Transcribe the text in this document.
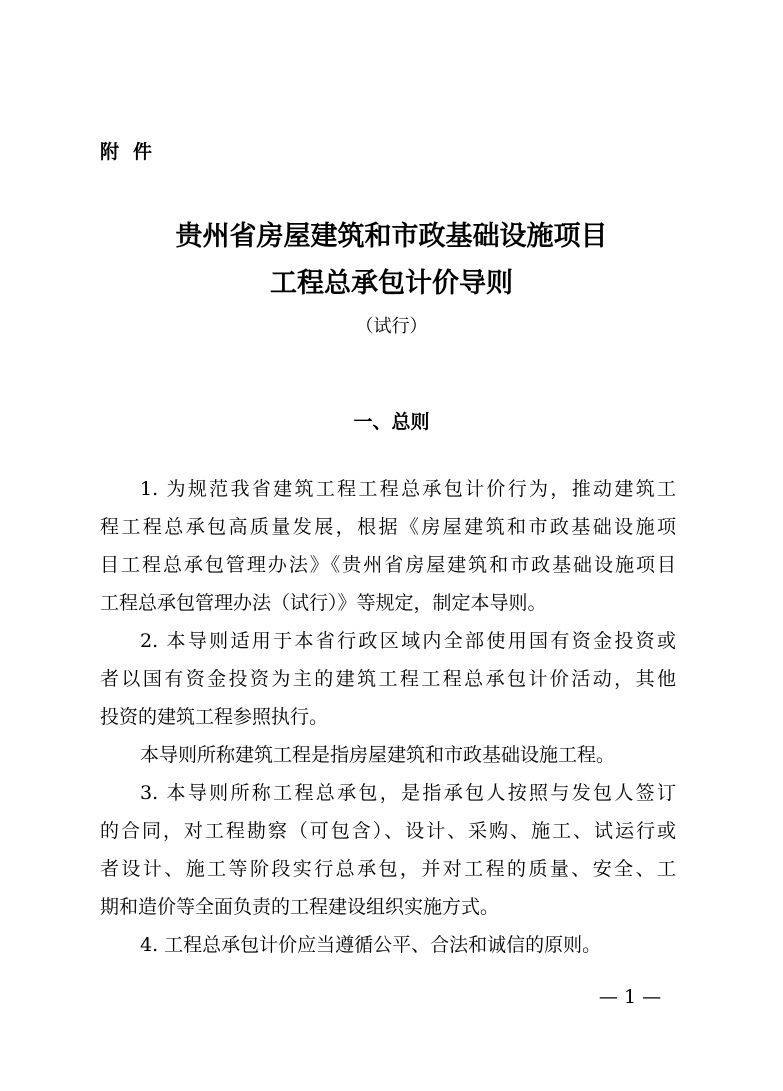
附件
贵州省房屋建筑和市政基础设施项目
工程总承包计价导则
（试行）
一、总则
1. 为规范我省建筑工程工程总承包计价行为，推动建筑工
程工程总承包高质量发展，根据《房屋建筑和市政基础设施项
目工程总承包管理办法》《贵州省房屋建筑和市政基础设施项目
工程总承包管理办法（试行）》等规定，制定本导则。
2. 本导则适用于本省行政区域内全部使用国有资金投资或
者以国有资金投资为主的建筑工程工程总承包计价活动，其他
投资的建筑工程参照执行。
本导则所称建筑工程是指房屋建筑和市政基础设施工程。
3. 本导则所称工程总承包，是指承包人按照与发包人签订
的合同，对工程勘察（可包含）、设计、采购、施工、试运行或
者设计、施工等阶段实行总承包，并对工程的质量、安全、工
期和造价等全面负责的工程建设组织实施方式。
4. 工程总承包计价应当遵循公平、合法和诚信的原则。
— 1 —
